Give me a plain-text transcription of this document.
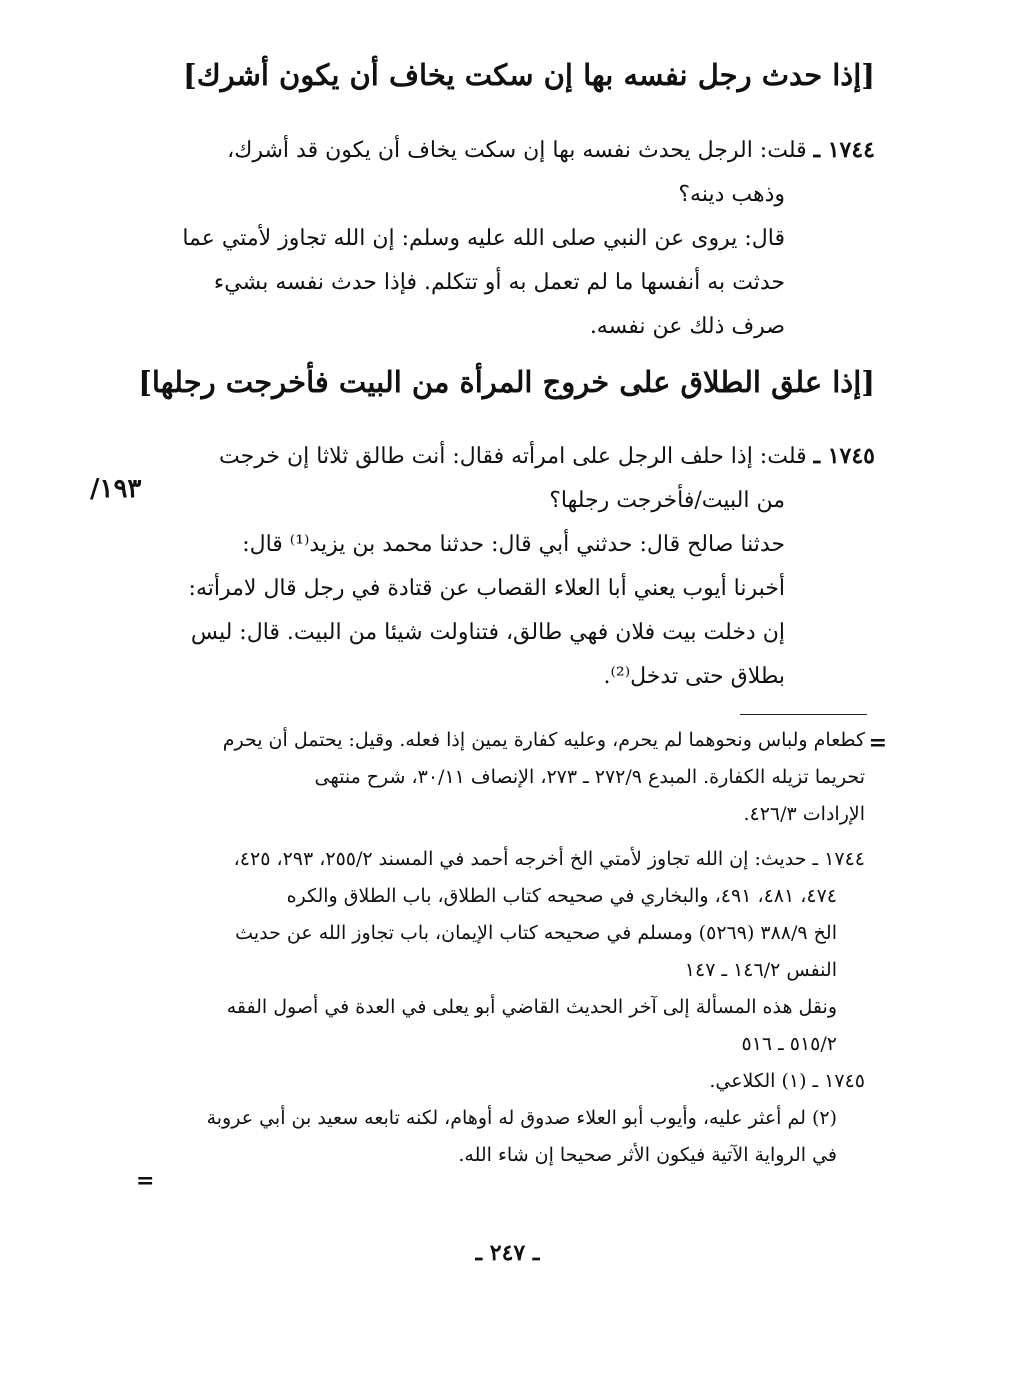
[إذا حدث رجل نفسه بها إن سكت يخاف أن يكون أشرك]
١٧٤٤ ـ قلت: الرجل يحدث نفسه بها إن سكت يخاف أن يكون قد أشرك،
وذهب دينه؟
قال: يروى عن النبي صلى الله عليه وسلم: إن الله تجاوز لأمتي عما
حدثت به أنفسها ما لم تعمل به أو تتكلم. فإذا حدث نفسه بشيء
صرف ذلك عن نفسه.
[إذا علق الطلاق على خروج المرأة من البيت فأخرجت رجلها]
١٧٤٥ ـ قلت: إذا حلف الرجل على امرأته فقال: أنت طالق ثلاثا إن خرجت
من البيت/فأخرجت رجلها؟
حدثنا صالح قال: حدثني أبي قال: حدثنا محمد بن يزيد⁽¹⁾ قال:
أخبرنا أيوب يعني أبا العلاء القصاب عن قتادة في رجل قال لامرأته:
إن دخلت بيت فلان فهي طالق، فتناولت شيئا من البيت. قال: ليس
بطلاق حتى تدخل⁽²⁾.
/١٩٣
=
كطعام ولباس ونحوهما لم يحرم، وعليه كفارة يمين إذا فعله. وقيل: يحتمل أن يحرم
تحريما تزيله الكفارة. المبدع ٢٧٢/٩ ـ ٢٧٣، الإنصاف ٣٠/١١، شرح منتهى
الإرادات ٤٢٦/٣.
١٧٤٤ ـ حديث: إن الله تجاوز لأمتي الخ أخرجه أحمد في المسند ٢٥٥/٢، ٢٩٣، ٤٢٥،
٤٧٤، ٤٨١، ٤٩١، والبخاري في صحيحه كتاب الطلاق، باب الطلاق والكره
الخ ٣٨٨/٩ (٥٢٦٩) ومسلم في صحيحه كتاب الإيمان، باب تجاوز الله عن حديث
النفس ١٤٦/٢ ـ ١٤٧
ونقل هذه المسألة إلى آخر الحديث القاضي أبو يعلى في العدة في أصول الفقه
٥١٥/٢ ـ ٥١٦
١٧٤٥ ـ (١) الكلاعي.
(٢) لم أعثر عليه، وأيوب أبو العلاء صدوق له أوهام، لكنه تابعه سعيد بن أبي عروبة
في الرواية الآتية فيكون الأثر صحيحا إن شاء الله.
=
ـ ٢٤٧ ـ
